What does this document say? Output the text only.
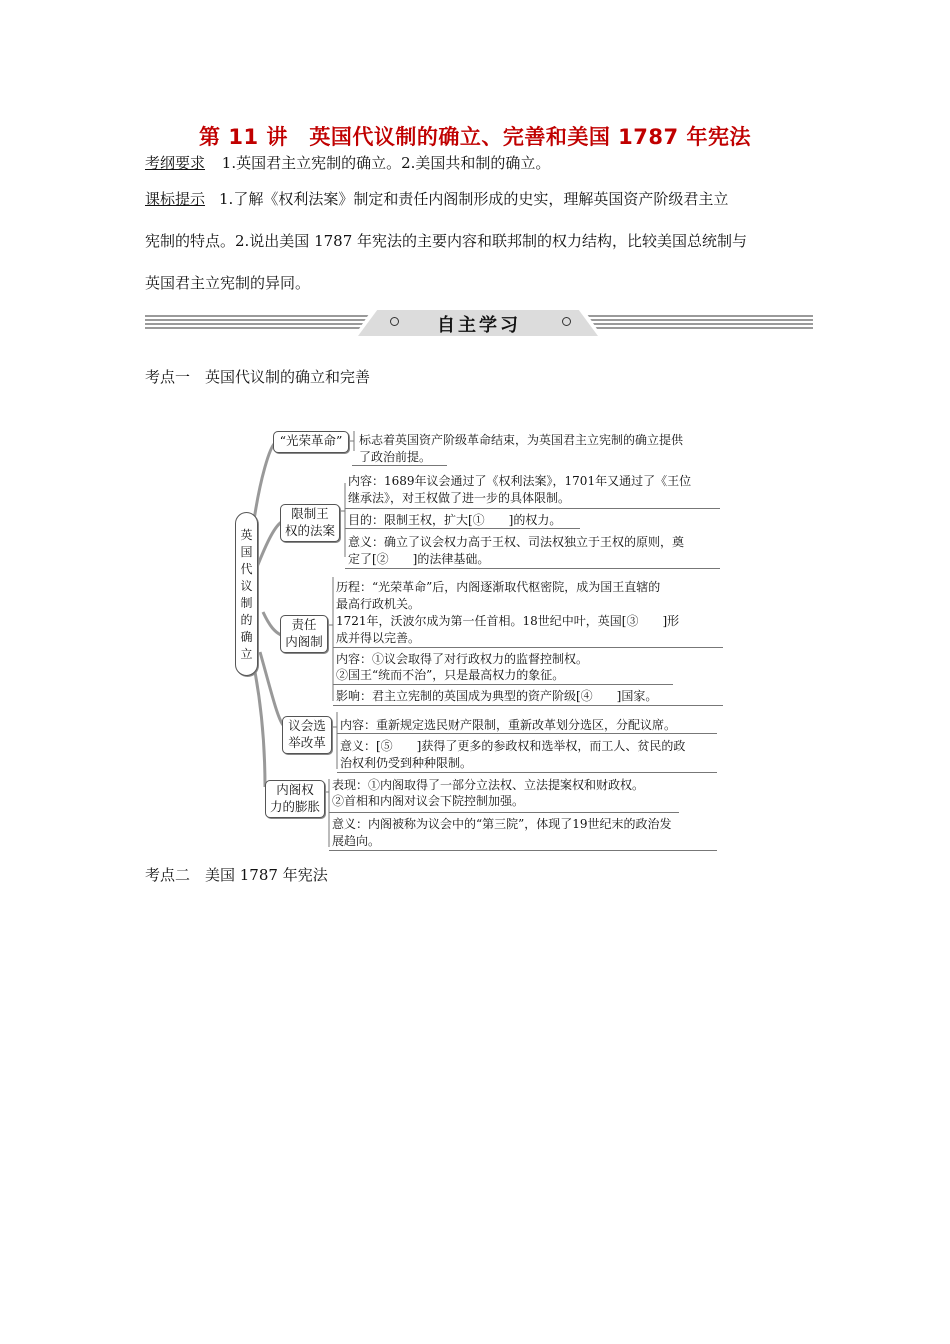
第 11 讲　英国代议制的确立、完善和美国 1787 年宪法
考纲要求 1.英国君主立宪制的确立。2.美国共和制的确立。
课标提示 1.了解《权利法案》制定和责任内阁制形成的史实，理解英国资产阶级君主立
宪制的特点。2.说出美国 1787 年宪法的主要内容和联邦制的权力结构，比较美国总统制与
英国君主立宪制的异同。
自主学习
考点一　英国代议制的确立和完善
英
国
代
议
制
的
确
立
“光荣革命”
限制王
权的法案
责任
内阁制
议会选
举改革
内阁权
力的膨胀
标志着英国资产阶级革命结束，为英国君主立宪制的确立提供
了政治前提。
内容：1689年议会通过了《权利法案》，1701年又通过了《王位
继承法》，对王权做了进一步的具体限制。
目的：限制王权，扩大[①　　]的权力。
意义：确立了议会权力高于王权、司法权独立于王权的原则，奠
定了[②　　]的法律基础。
历程：“光荣革命”后，内阁逐渐取代枢密院，成为国王直辖的
最高行政机关。
1721年，沃波尔成为第一任首相。18世纪中叶，英国[③　　]形
成并得以完善。
内容：①议会取得了对行政权力的监督控制权。
②国王“统而不治”，只是最高权力的象征。
影响：君主立宪制的英国成为典型的资产阶级[④　　]国家。
内容：重新规定选民财产限制，重新改革划分选区，分配议席。
意义：[⑤　　]获得了更多的参政权和选举权，而工人、贫民的政
治权利仍受到种种限制。
表现：①内阁取得了一部分立法权、立法提案权和财政权。
②首相和内阁对议会下院控制加强。
意义：内阁被称为议会中的“第三院”，体现了19世纪末的政治发
展趋向。
考点二　美国 1787 年宪法
